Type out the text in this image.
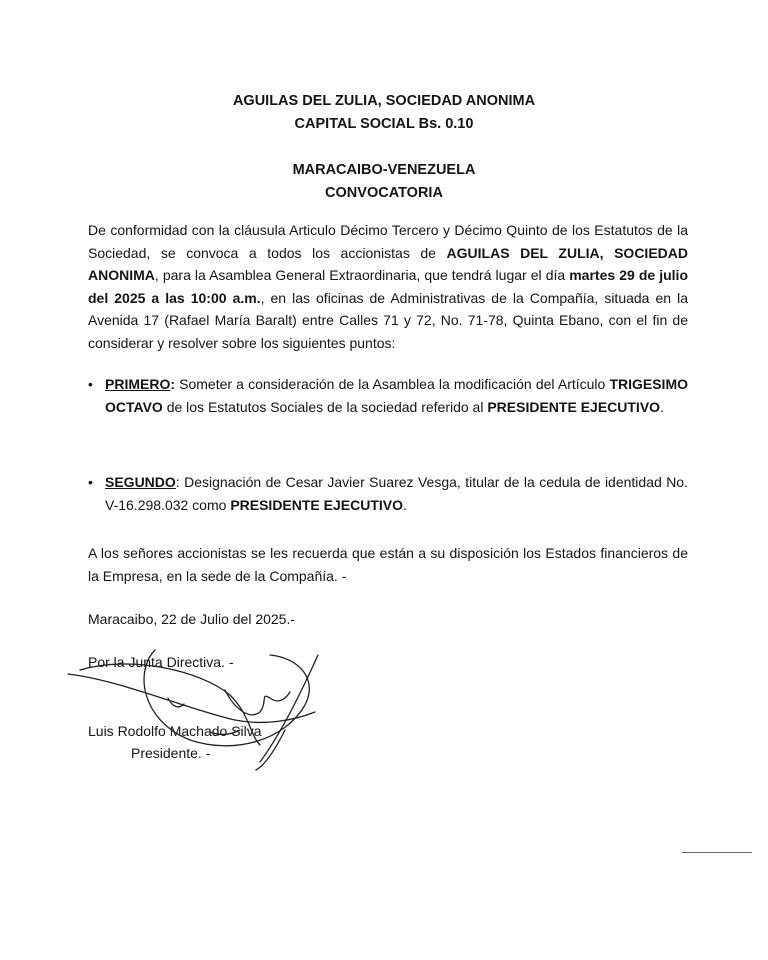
AGUILAS DEL ZULIA, SOCIEDAD ANONIMA
CAPITAL SOCIAL Bs. 0.10
MARACAIBO-VENEZUELA
CONVOCATORIA
De conformidad con la cláusula Articulo Décimo Tercero y Décimo Quinto de los Estatutos de la Sociedad, se convoca a todos los accionistas de AGUILAS DEL ZULIA, SOCIEDAD ANONIMA, para la Asamblea General Extraordinaria, que tendrá lugar el día martes 29 de julio del 2025 a las 10:00 a.m., en las oficinas de Administrativas de la Compañía, situada en la Avenida 17 (Rafael María Baralt) entre Calles 71 y 72, No. 71-78, Quinta Ebano, con el fin de considerar y resolver sobre los siguientes puntos:
• PRIMERO: Someter a consideración de la Asamblea la modificación del Artículo TRIGESIMO OCTAVO de los Estatutos Sociales de la sociedad referido al PRESIDENTE EJECUTIVO.
• SEGUNDO: Designación de Cesar Javier Suarez Vesga, titular de la cedula de identidad No. V-16.298.032 como PRESIDENTE EJECUTIVO.
A los señores accionistas se les recuerda que están a su disposición los Estados financieros de la Empresa, en la sede de la Compañía. -
Maracaibo, 22 de Julio del 2025.-
Por la Junta Directiva. -
Luis Rodolfo Machado Silva
Presidente. -
